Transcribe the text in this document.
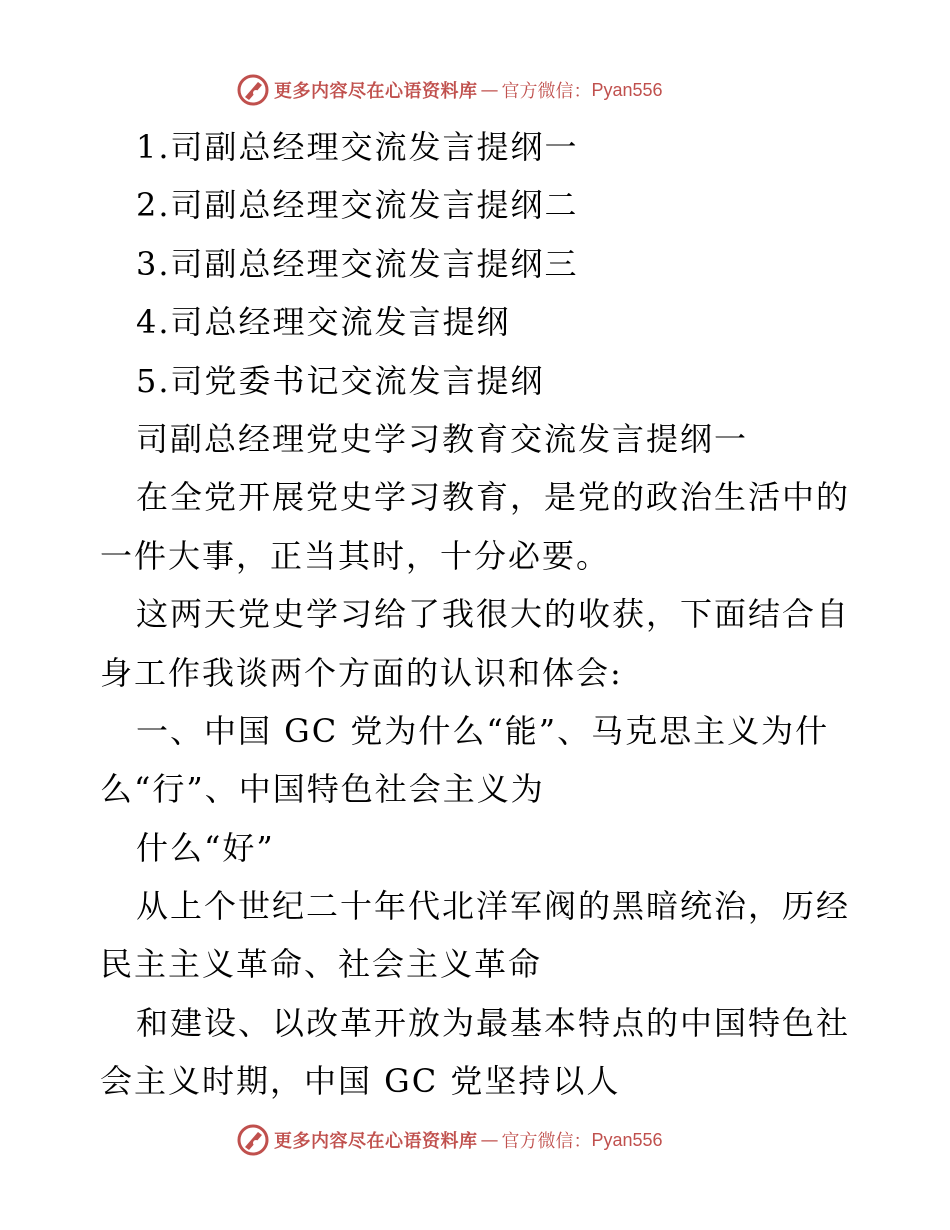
更多内容尽在心语资料库 — 官方微信： Pyan556
1.司副总经理交流发言提纲一
2.司副总经理交流发言提纲二
3.司副总经理交流发言提纲三
4.司总经理交流发言提纲
5.司党委书记交流发言提纲
司副总经理党史学习教育交流发言提纲一
在全党开展党史学习教育，是党的政治生活中的
一件大事，正当其时，十分必要。
这两天党史学习给了我很大的收获，下面结合自
身工作我谈两个方面的认识和体会:
一、中国 GC 党为什么“能”、马克思主义为什
么“行”、中国特色社会主义为
什么“好”
从上个世纪二十年代北洋军阀的黑暗统治，历经
民主主义革命、社会主义革命
和建设、以改革开放为最基本特点的中国特色社
会主义时期，中国 GC 党坚持以人
更多内容尽在心语资料库 — 官方微信： Pyan556
